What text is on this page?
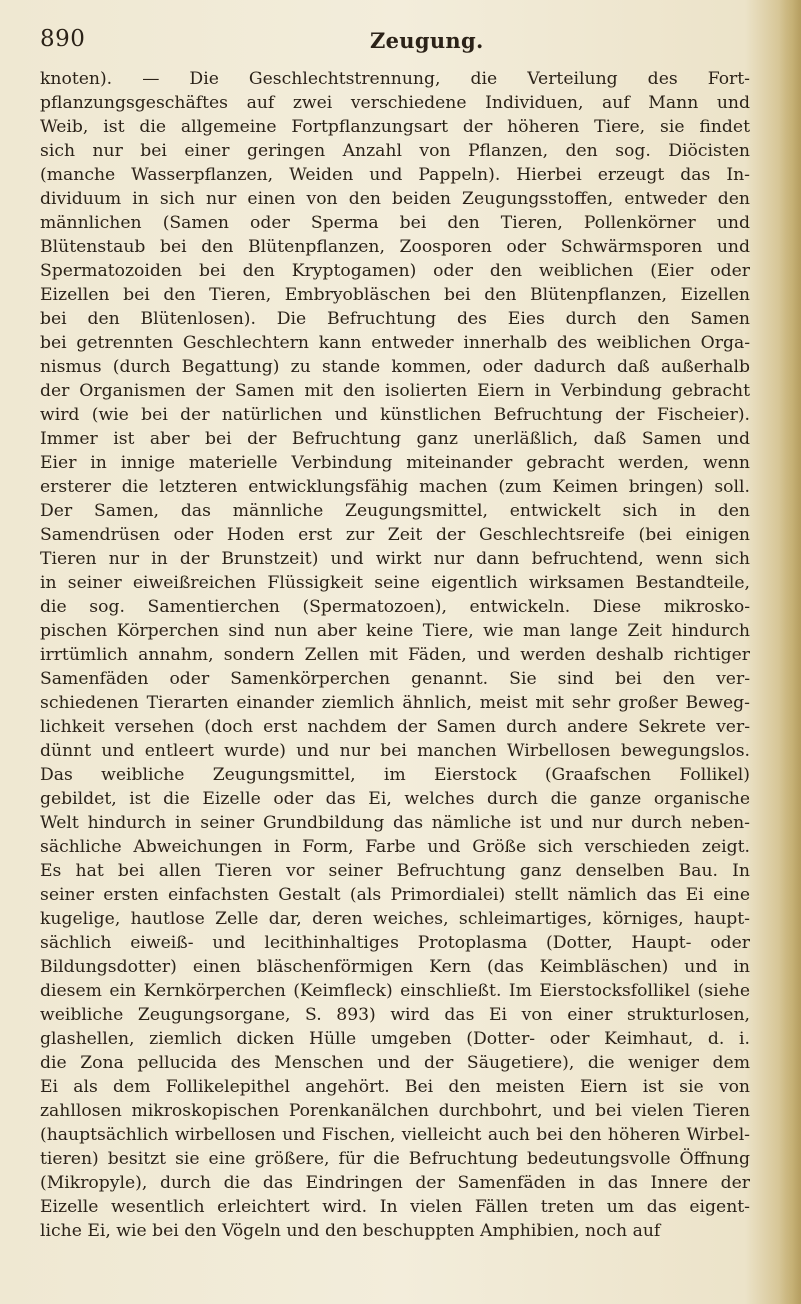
890	Zeugung.
knoten). — Die Geschlechtstrennung, die Verteilung des Fort-
pflanzungsgeschäftes auf zwei verschiedene Individuen, auf Mann und
Weib, ist die allgemeine Fortpflanzungsart der höheren Tiere, sie findet
sich nur bei einer geringen Anzahl von Pflanzen, den sog. Diöcisten
(manche Wasserpflanzen, Weiden und Pappeln). Hierbei erzeugt das In-
dividuum in sich nur einen von den beiden Zeugungsstoffen, entweder den
männlichen (Samen oder Sperma bei den Tieren, Pollenkörner und
Blütenstaub bei den Blütenpflanzen, Zoosporen oder Schwärmsporen und
Spermatozoiden bei den Kryptogamen) oder den weiblichen (Eier oder
Eizellen bei den Tieren, Embryobläschen bei den Blütenpflanzen, Eizellen
bei den Blütenlosen). Die Befruchtung des Eies durch den Samen
bei getrennten Geschlechtern kann entweder innerhalb des weiblichen Orga-
nismus (durch Begattung) zu stande kommen, oder dadurch daß außerhalb
der Organismen der Samen mit den isolierten Eiern in Verbindung gebracht
wird (wie bei der natürlichen und künstlichen Befruchtung der Fischeier).
Immer ist aber bei der Befruchtung ganz unerläßlich, daß Samen und
Eier in innige materielle Verbindung miteinander gebracht werden, wenn
ersterer die letzteren entwicklungsfähig machen (zum Keimen bringen) soll.
Der Samen, das männliche Zeugungsmittel, entwickelt sich in den
Samendrüsen oder Hoden erst zur Zeit der Geschlechtsreife (bei einigen
Tieren nur in der Brunstzeit) und wirkt nur dann befruchtend, wenn sich
in seiner eiweißreichen Flüssigkeit seine eigentlich wirksamen Bestandteile,
die sog. Samentierchen (Spermatozoen), entwickeln. Diese mikrosko-
pischen Körperchen sind nun aber keine Tiere, wie man lange Zeit hindurch
irrtümlich annahm, sondern Zellen mit Fäden, und werden deshalb richtiger
Samenfäden oder Samenkörperchen genannt. Sie sind bei den ver-
schiedenen Tierarten einander ziemlich ähnlich, meist mit sehr großer Beweg-
lichkeit versehen (doch erst nachdem der Samen durch andere Sekrete ver-
dünnt und entleert wurde) und nur bei manchen Wirbellosen bewegungslos.
Das weibliche Zeugungsmittel, im Eierstock (Graafschen Follikel)
gebildet, ist die Eizelle oder das Ei, welches durch die ganze organische
Welt hindurch in seiner Grundbildung das nämliche ist und nur durch neben-
sächliche Abweichungen in Form, Farbe und Größe sich verschieden zeigt.
Es hat bei allen Tieren vor seiner Befruchtung ganz denselben Bau. In
seiner ersten einfachsten Gestalt (als Primordialei) stellt nämlich das Ei eine
kugelige, hautlose Zelle dar, deren weiches, schleimartiges, körniges, haupt-
sächlich eiweiß- und lecithinhaltiges Protoplasma (Dotter, Haupt- oder
Bildungsdotter) einen bläschenförmigen Kern (das Keimbläschen) und in
diesem ein Kernkörperchen (Keimfleck) einschließt. Im Eierstocksfollikel (siehe
weibliche Zeugungsorgane, S. 893) wird das Ei von einer strukturlosen,
glashellen, ziemlich dicken Hülle umgeben (Dotter- oder Keimhaut, d. i.
die Zona pellucida des Menschen und der Säugetiere), die weniger dem
Ei als dem Follikelepithel angehört. Bei den meisten Eiern ist sie von
zahllosen mikroskopischen Porenkanälchen durchbohrt, und bei vielen Tieren
(hauptsächlich wirbellosen und Fischen, vielleicht auch bei den höheren Wirbel-
tieren) besitzt sie eine größere, für die Befruchtung bedeutungsvolle Öffnung
(Mikropyle), durch die das Eindringen der Samenfäden in das Innere der
Eizelle wesentlich erleichtert wird. In vielen Fällen treten um das eigent-
liche Ei, wie bei den Vögeln und den beschuppten Amphibien, noch auf
